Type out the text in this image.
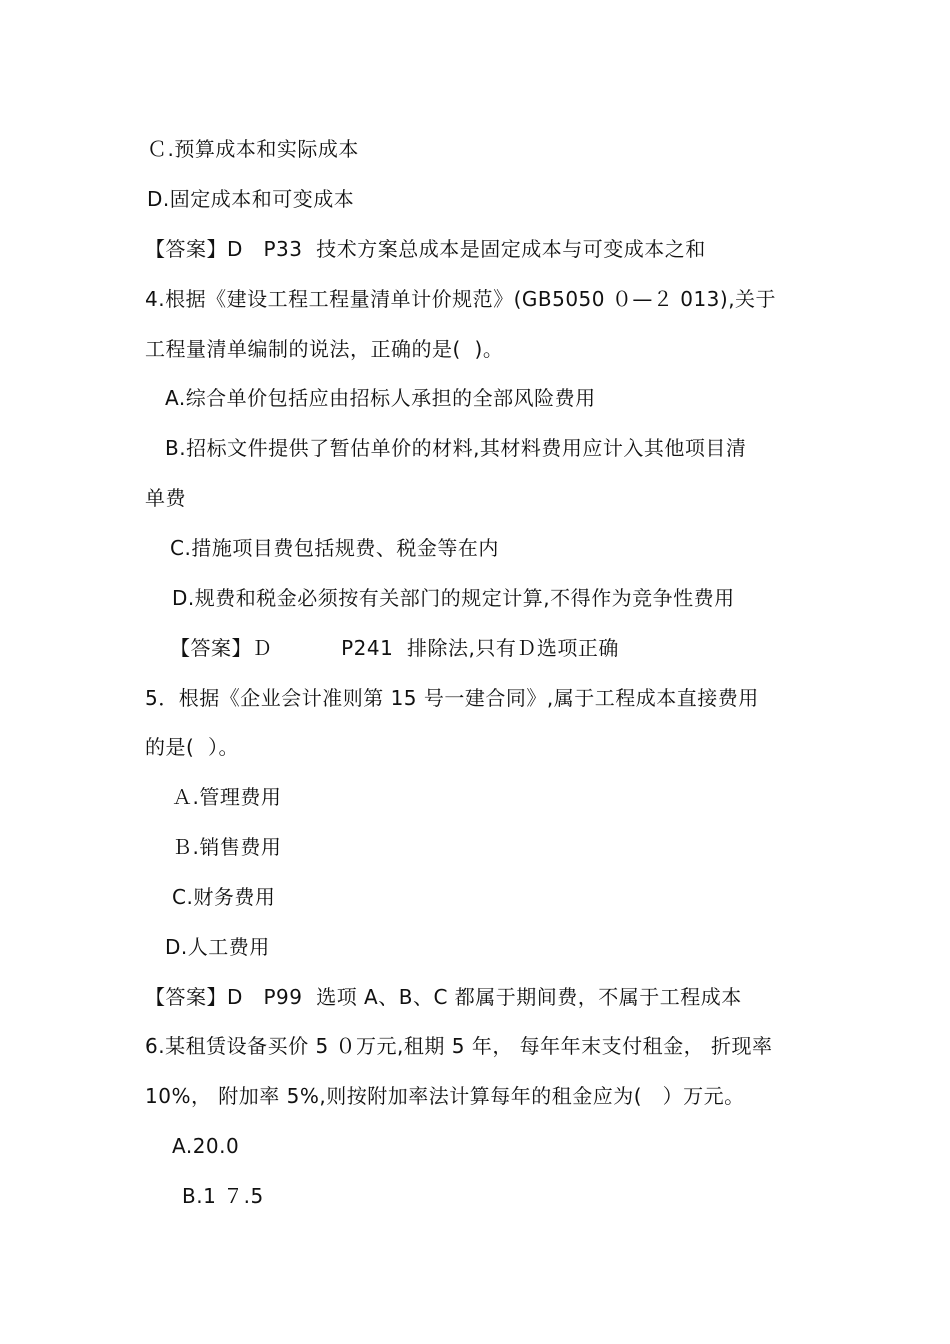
Ｃ.预算成本和实际成本
D.固定成本和可变成本
【答案】D   P33  技术方案总成本是固定成本与可变成本之和
4.根据《建设工程工程量清单计价规范》(GB5050 ０—２ 013),关于
工程量清单编制的说法，正确的是(  )。
A.综合单价包括应由招标人承担的全部风险费用
B.招标文件提供了暂估单价的材料,其材料费用应计入其他项目清
单费
C.措施项目费包括规费、税金等在内
D.规费和税金必须按有关部门的规定计算,不得作为竞争性费用
【答案】Ｄ          P241  排除法,只有Ｄ选项正确
5．根据《企业会计准则第 15 号一建合同》,属于工程成本直接费用
的是(  ）。
Ａ.管理费用
Ｂ.销售费用
C.财务费用
D.人工费用
【答案】D   P99  选项 A、B、C 都属于期间费，不属于工程成本
6.某租赁设备买价 5 ０万元,租期 5 年， 每年年末支付租金， 折现率
10%， 附加率 5%,则按附加率法计算每年的租金应为(   ）万元。
A.20.0
B.1 ７.5
